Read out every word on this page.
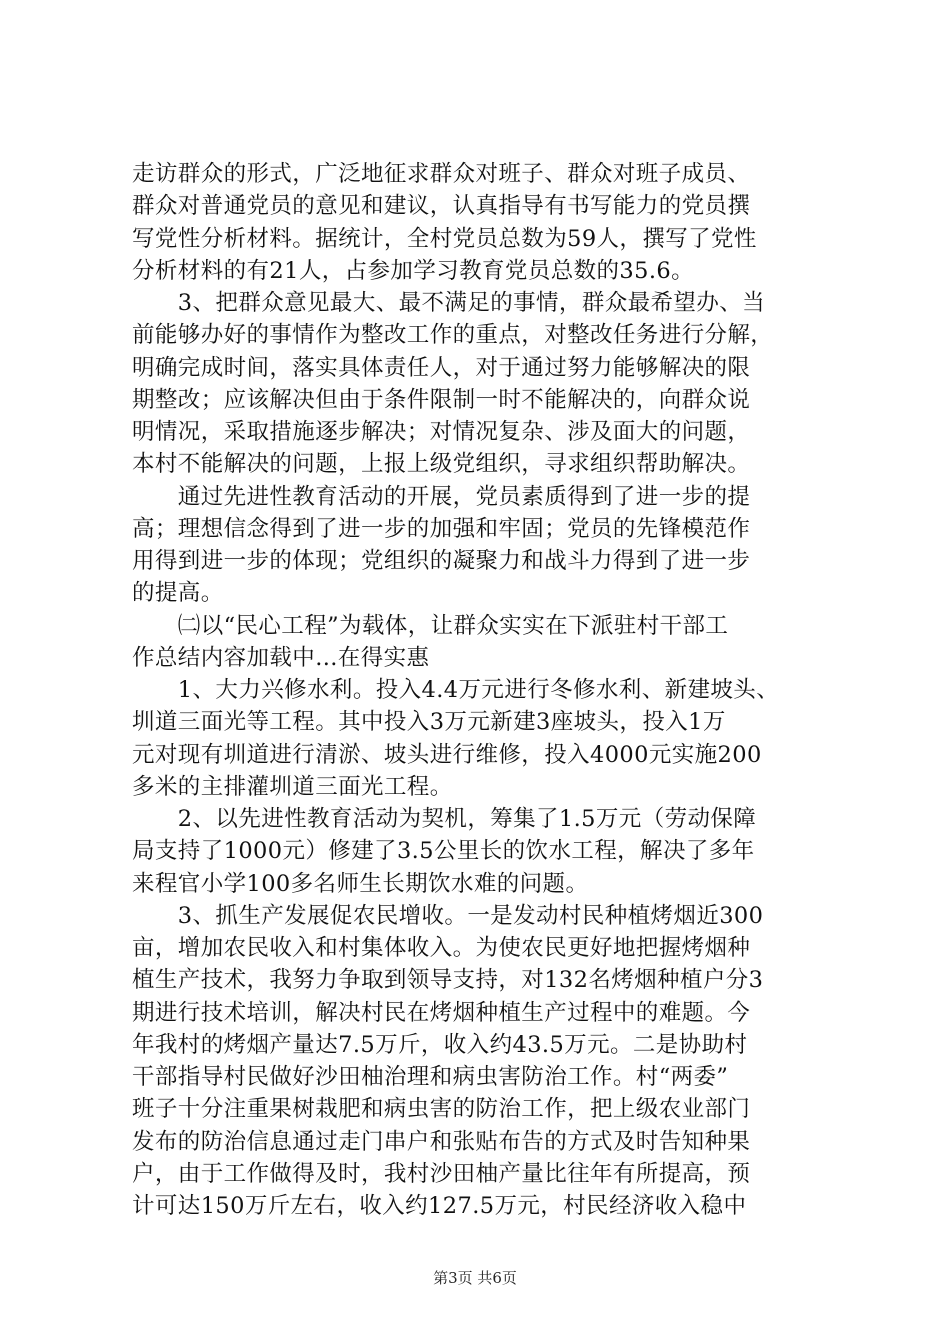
走访群众的形式，广泛地征求群众对班子、群众对班子成员、
群众对普通党员的意见和建议，认真指导有书写能力的党员撰
写党性分析材料。据统计，全村党员总数为59人，撰写了党性
分析材料的有21人，占参加学习教育党员总数的35.6。
　　3、把群众意见最大、最不满足的事情，群众最希望办、当
前能够办好的事情作为整改工作的重点，对整改任务进行分解，
明确完成时间，落实具体责任人，对于通过努力能够解决的限
期整改；应该解决但由于条件限制一时不能解决的，向群众说
明情况，采取措施逐步解决；对情况复杂、涉及面大的问题，
本村不能解决的问题，上报上级党组织，寻求组织帮助解决。
　　通过先进性教育活动的开展，党员素质得到了进一步的提
高；理想信念得到了进一步的加强和牢固；党员的先锋模范作
用得到进一步的体现；党组织的凝聚力和战斗力得到了进一步
的提高。
　　㈡以“民心工程”为载体，让群众实实在下派驻村干部工
作总结内容加载中...在得实惠
　　1、大力兴修水利。投入4.4万元进行冬修水利、新建坡头、
圳道三面光等工程。其中投入3万元新建3座坡头，投入1万
元对现有圳道进行清淤、坡头进行维修，投入4000元实施200
多米的主排灌圳道三面光工程。
　　2、以先进性教育活动为契机，筹集了1.5万元（劳动保障
局支持了1000元）修建了3.5公里长的饮水工程，解决了多年
来程官小学100多名师生长期饮水难的问题。
　　3、抓生产发展促农民增收。一是发动村民种植烤烟近300
亩，增加农民收入和村集体收入。为使农民更好地把握烤烟种
植生产技术，我努力争取到领导支持，对132名烤烟种植户分3
期进行技术培训，解决村民在烤烟种植生产过程中的难题。今
年我村的烤烟产量达7.5万斤，收入约43.5万元。二是协助村
干部指导村民做好沙田柚治理和病虫害防治工作。村“两委”
班子十分注重果树栽肥和病虫害的防治工作，把上级农业部门
发布的防治信息通过走门串户和张贴布告的方式及时告知种果
户，由于工作做得及时，我村沙田柚产量比往年有所提高，预
计可达150万斤左右，收入约127.5万元，村民经济收入稳中
第3页 共6页
